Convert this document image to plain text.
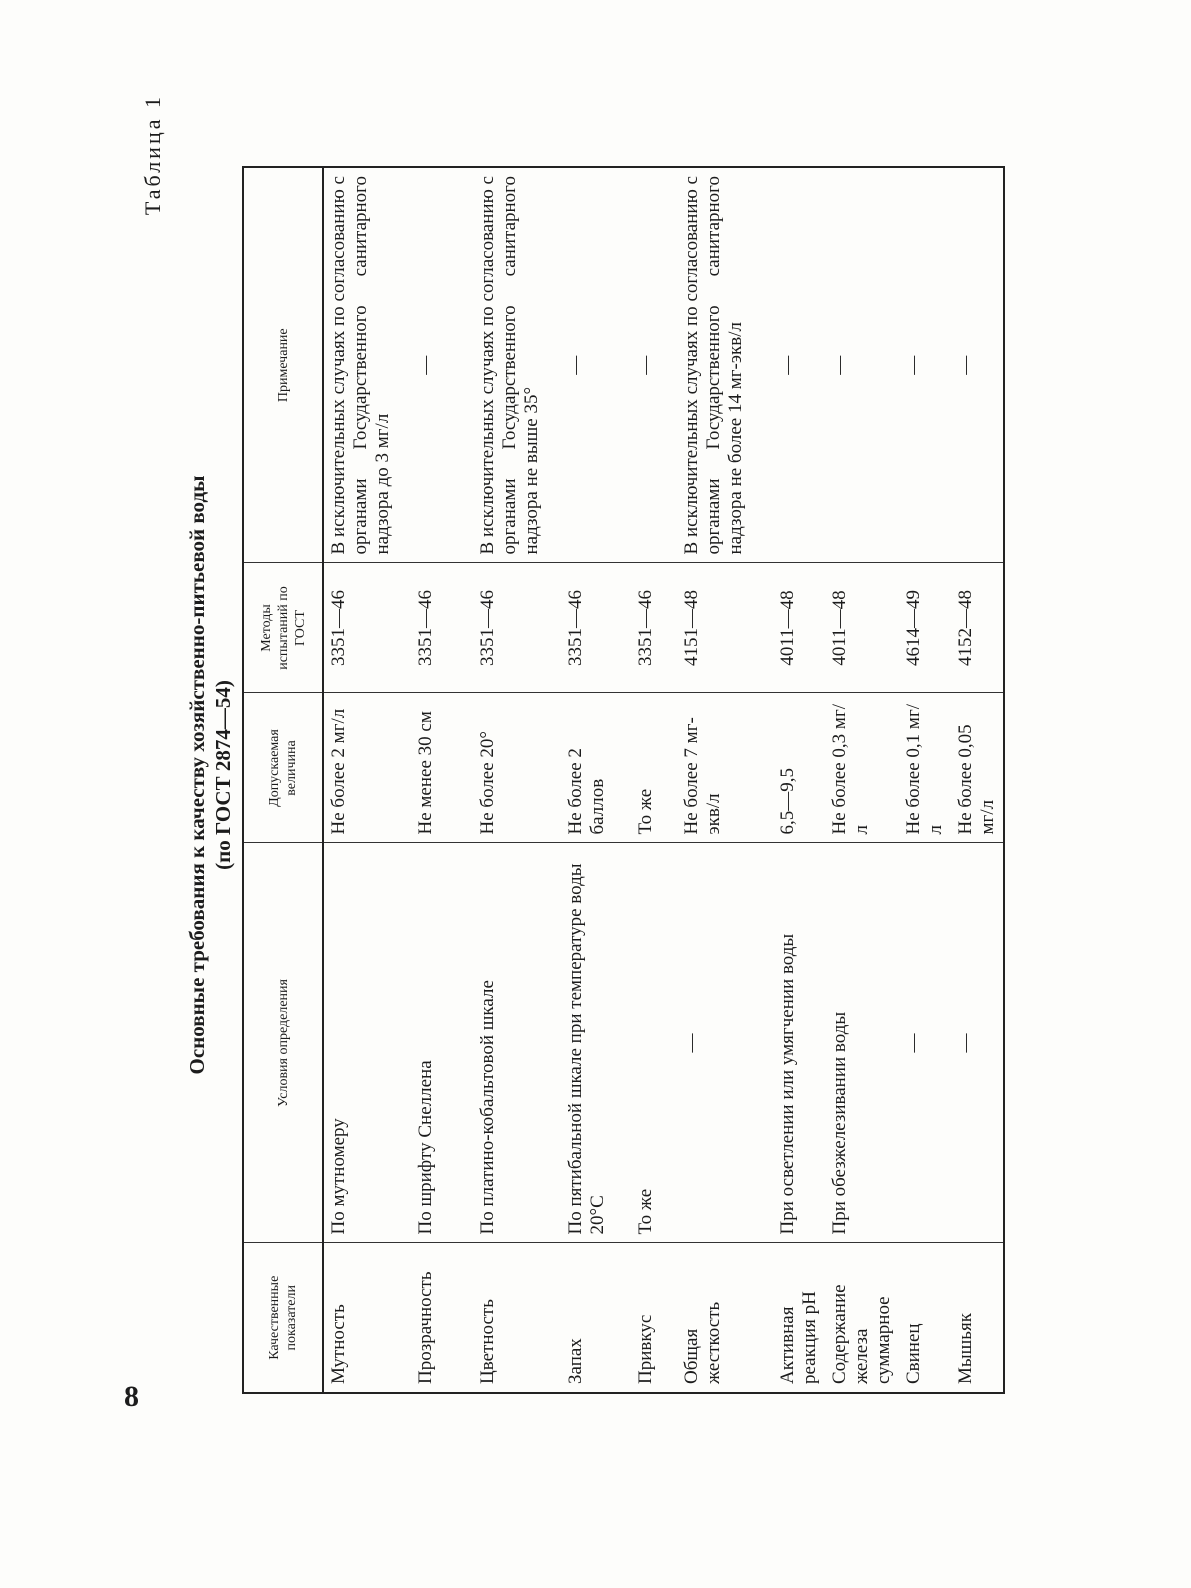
8
Таблица 1
Основные требования к качеству хозяйственно-питьевой воды (по ГОСТ 2874—54)
Качественные показатели	Условия определения	Допускаемая величина	Методы испытаний по ГОСТ	Примечание
Мутность	По мутномеру	Не более 2 мг/л	3351—46	В исключительных случаях по согласованию с органами Государственного санитарного надзора до 3 мг/л
Прозрачность	По шрифту Снеллена	Не менее 30 см	3351—46	—
Цветность	По платино-кобальтовой шкале	Не более 20°	3351—46	В исключительных случаях по согласованию с органами Государственного санитарного надзора не выше 35°
Запах	По пятибальной шкале при температуре воды 20°С	Не более 2 баллов	3351—46	—
Привкус	То же	То же	3351—46	—
Общая жесткость	—	Не более 7 мг-экв/л	4151—48	В исключительных случаях по согласованию с органами Государственного санитарного надзора не более 14 мг-экв/л
Активная реакция pH	При осветлении или умягчении воды	6,5—9,5	4011—48	—
Содержание железа суммарное	При обезжелезивании воды	Не более 0,3 мг/л	4011—48	—
Свинец	—	Не более 0,1 мг/л	4614—49	—
Мышьяк	—	Не более 0,05 мг/л	4152—48	—
